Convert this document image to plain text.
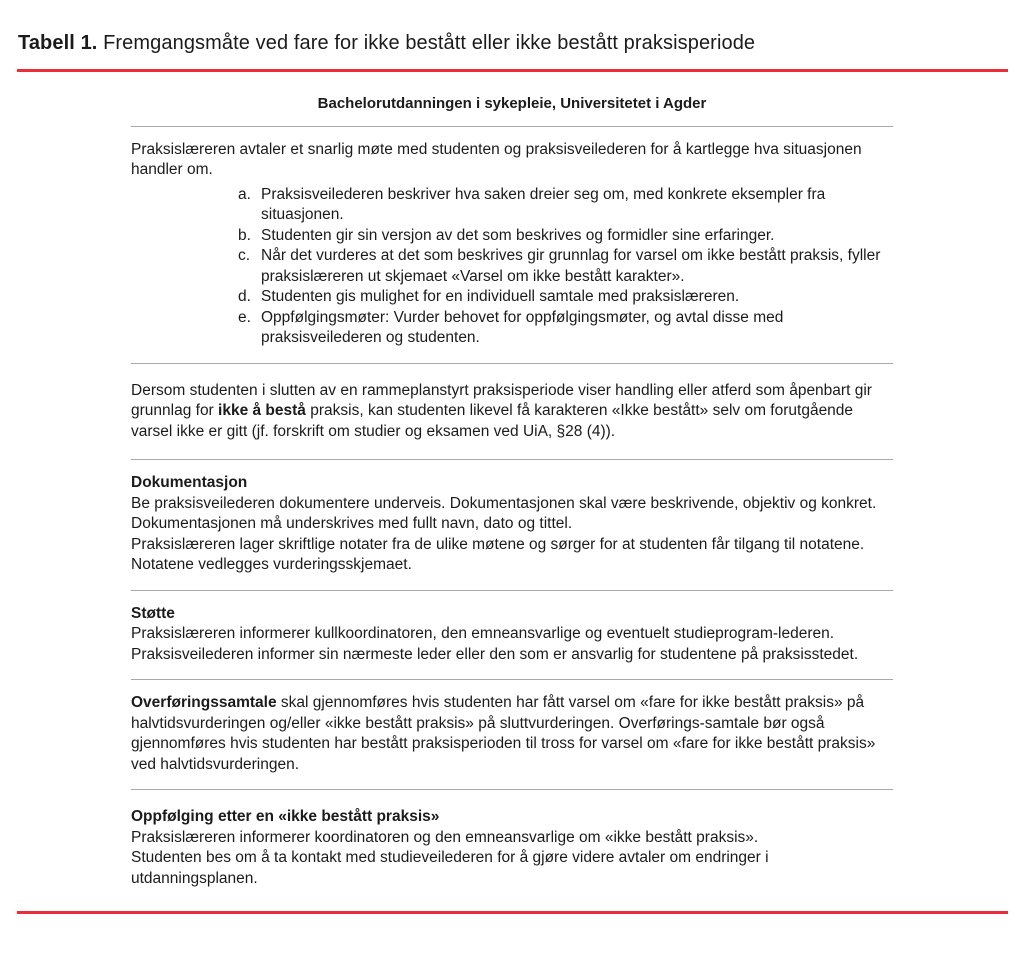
Tabell 1. Fremgangsmåte ved fare for ikke bestått eller ikke bestått praksisperiode

Bachelorutdanningen i sykepleie, Universitetet i Agder

Praksislæreren avtaler et snarlig møte med studenten og praksisveilederen for å kartlegge hva situasjonen handler om.

a. Praksisveilederen beskriver hva saken dreier seg om, med konkrete eksempler fra situasjonen.
b. Studenten gir sin versjon av det som beskrives og formidler sine erfaringer.
c. Når det vurderes at det som beskrives gir grunnlag for varsel om ikke bestått praksis, fyller praksislæreren ut skjemaet «Varsel om ikke bestått karakter».
d. Studenten gis mulighet for en individuell samtale med praksislæreren.
e. Oppfølgingsmøter: Vurder behovet for oppfølgingsmøter, og avtal disse med praksisveilederen og studenten.

Dersom studenten i slutten av en rammeplanstyrt praksisperiode viser handling eller atferd som åpenbart gir grunnlag for ikke å bestå praksis, kan studenten likevel få karakteren «Ikke bestått» selv om forutgående varsel ikke er gitt (jf. forskrift om studier og eksamen ved UiA, §28 (4)).

Dokumentasjon

Be praksisveilederen dokumentere underveis. Dokumentasjonen skal være beskrivende, objektiv og konkret. Dokumentasjonen må underskrives med fullt navn, dato og tittel.

Praksislæreren lager skriftlige notater fra de ulike møtene og sørger for at studenten får tilgang til notatene. Notatene vedlegges vurderingsskjemaet.

Støtte

Praksislæreren informerer kullkoordinatoren, den emneansvarlige og eventuelt studieprogram-lederen.

Praksisveilederen informer sin nærmeste leder eller den som er ansvarlig for studentene på praksisstedet.

Overføringssamtale skal gjennomføres hvis studenten har fått varsel om «fare for ikke bestått praksis» på halvtidsvurderingen og/eller «ikke bestått praksis» på sluttvurderingen. Overførings-samtale bør også gjennomføres hvis studenten har bestått praksisperioden til tross for varsel om «fare for ikke bestått praksis» ved halvtidsvurderingen.

Oppfølging etter en «ikke bestått praksis»

Praksislæreren informerer koordinatoren og den emneansvarlige om «ikke bestått praksis».

Studenten bes om å ta kontakt med studieveilederen for å gjøre videre avtaler om endringer i utdanningsplanen.
